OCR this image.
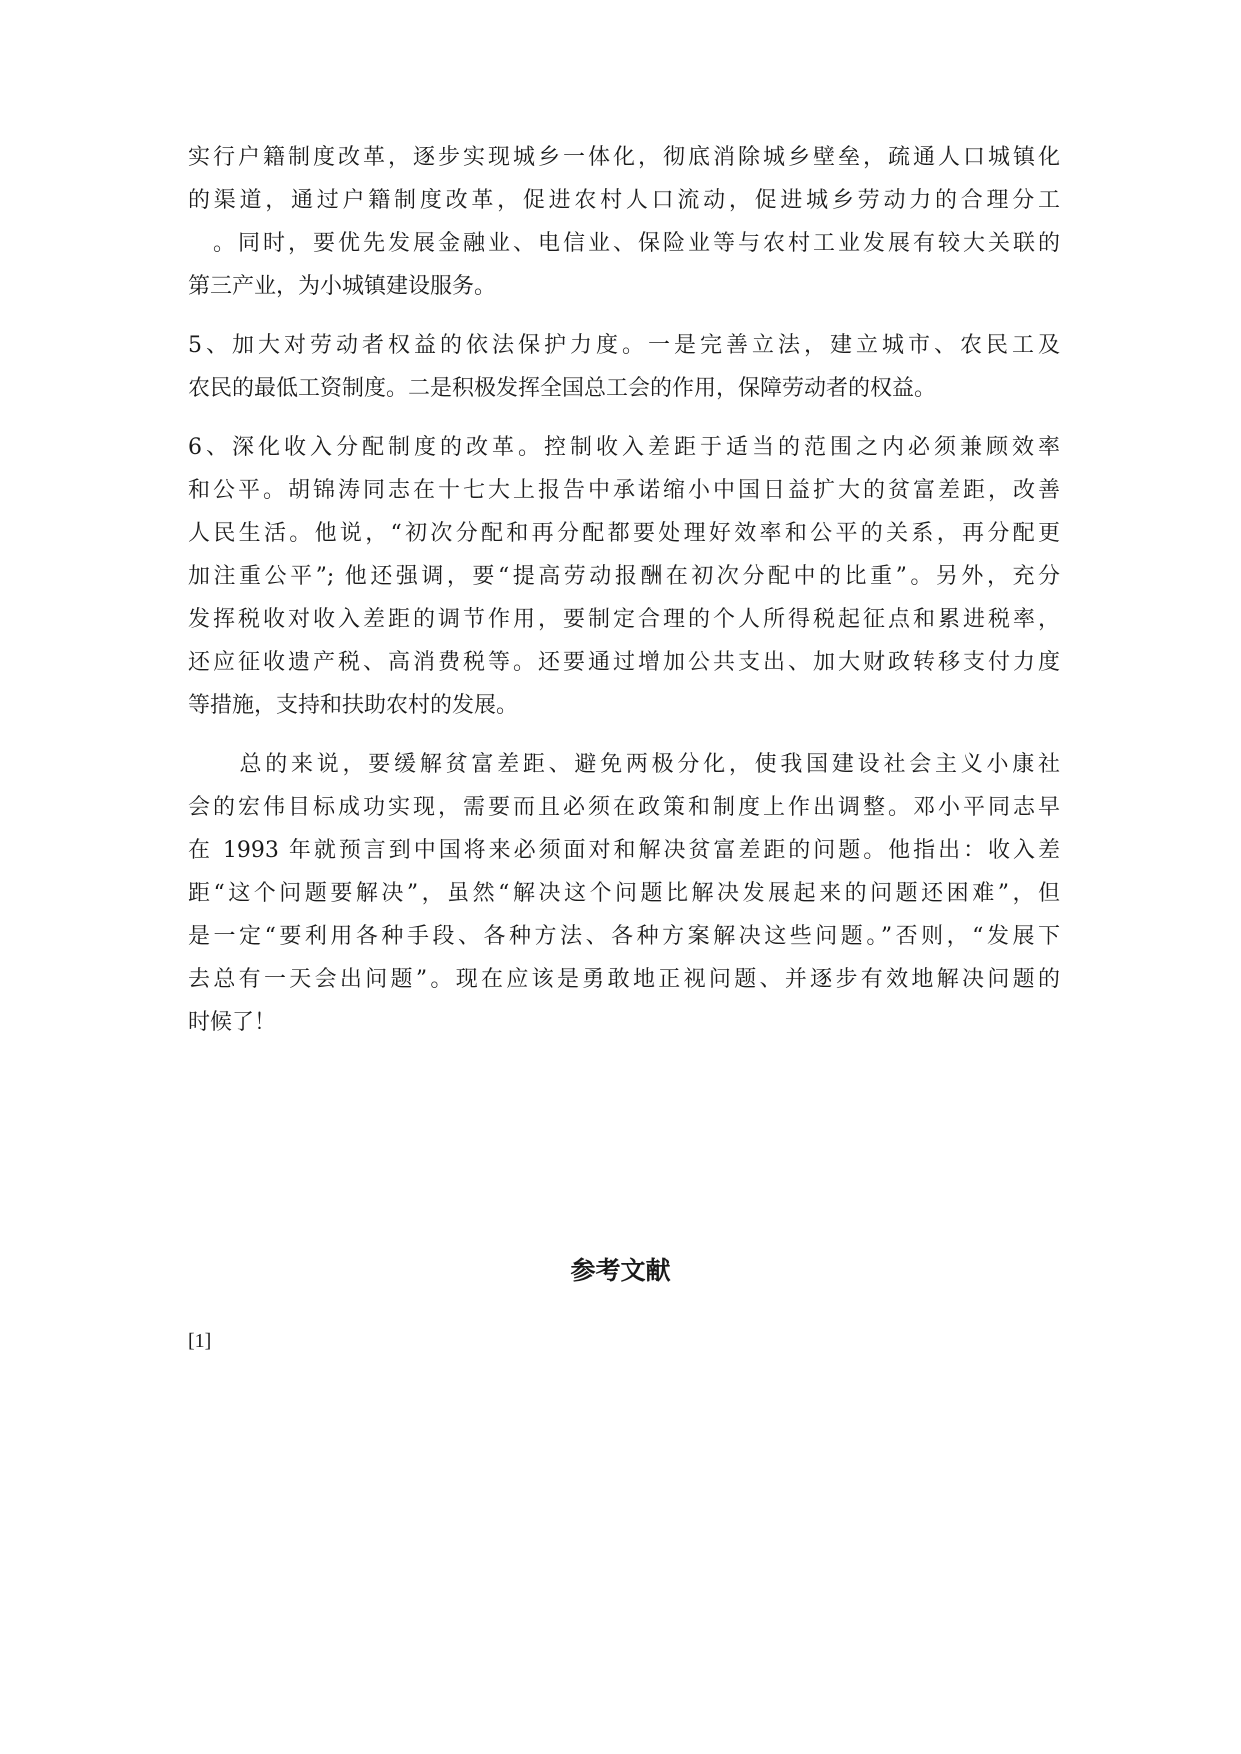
实行户籍制度改革，逐步实现城乡一体化，彻底消除城乡壁垒，疏通人口城镇化
的渠道，通过户籍制度改革，促进农村人口流动，促进城乡劳动力的合理分工
　。同时，要优先发展金融业、电信业、保险业等与农村工业发展有较大关联的
第三产业，为小城镇建设服务。
5、加大对劳动者权益的依法保护力度。一是完善立法，建立城市、农民工及
农民的最低工资制度。二是积极发挥全国总工会的作用，保障劳动者的权益。
6、深化收入分配制度的改革。控制收入差距于适当的范围之内必须兼顾效率
和公平。胡锦涛同志在十七大上报告中承诺缩小中国日益扩大的贫富差距，改善
人民生活。他说，“初次分配和再分配都要处理好效率和公平的关系，再分配更
加注重公平”; 他还强调，要“提高劳动报酬在初次分配中的比重”。另外，充分
发挥税收对收入差距的调节作用，要制定合理的个人所得税起征点和累进税率，
还应征收遗产税、高消费税等。还要通过增加公共支出、加大财政转移支付力度
等措施，支持和扶助农村的发展。
　　总的来说，要缓解贫富差距、避免两极分化，使我国建设社会主义小康社
会的宏伟目标成功实现，需要而且必须在政策和制度上作出调整。邓小平同志早
在 1993 年就预言到中国将来必须面对和解决贫富差距的问题。他指出：收入差
距“这个问题要解决”，虽然“解决这个问题比解决发展起来的问题还困难”，但
是一定“要利用各种手段、各种方法、各种方案解决这些问题。”否则，“发展下
去总有一天会出问题”。现在应该是勇敢地正视问题、并逐步有效地解决问题的
时候了！
参考文献
[1]
